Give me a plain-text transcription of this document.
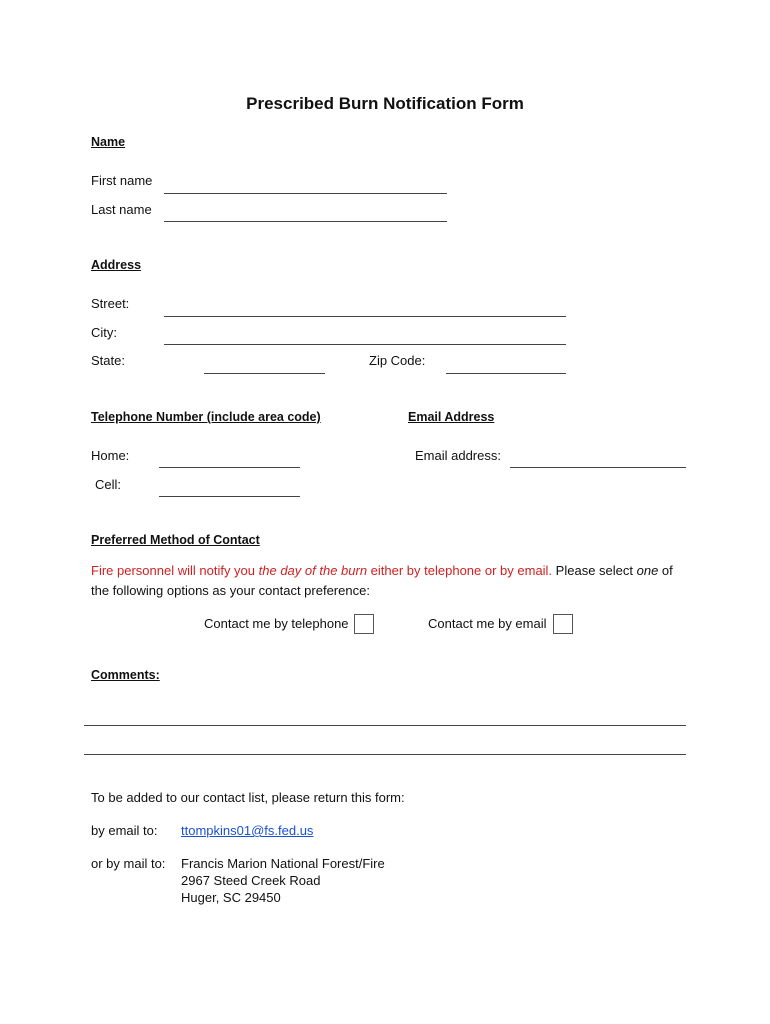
Prescribed Burn Notification Form
Name
First name
Last name
Address
Street:
City:
State:	Zip Code:
Telephone Number (include area code)	Email Address
Home:	Email address:
Cell:
Preferred Method of Contact
Fire personnel will notify you the day of the burn either by telephone or by email. Please select one of
the following options as your contact preference:
Contact me by telephone	Contact me by email
Comments:
To be added to our contact list, please return this form:
by email to: ttompkins01@fs.fed.us
or by mail to: Francis Marion National Forest/Fire
2967 Steed Creek Road
Huger, SC 29450
